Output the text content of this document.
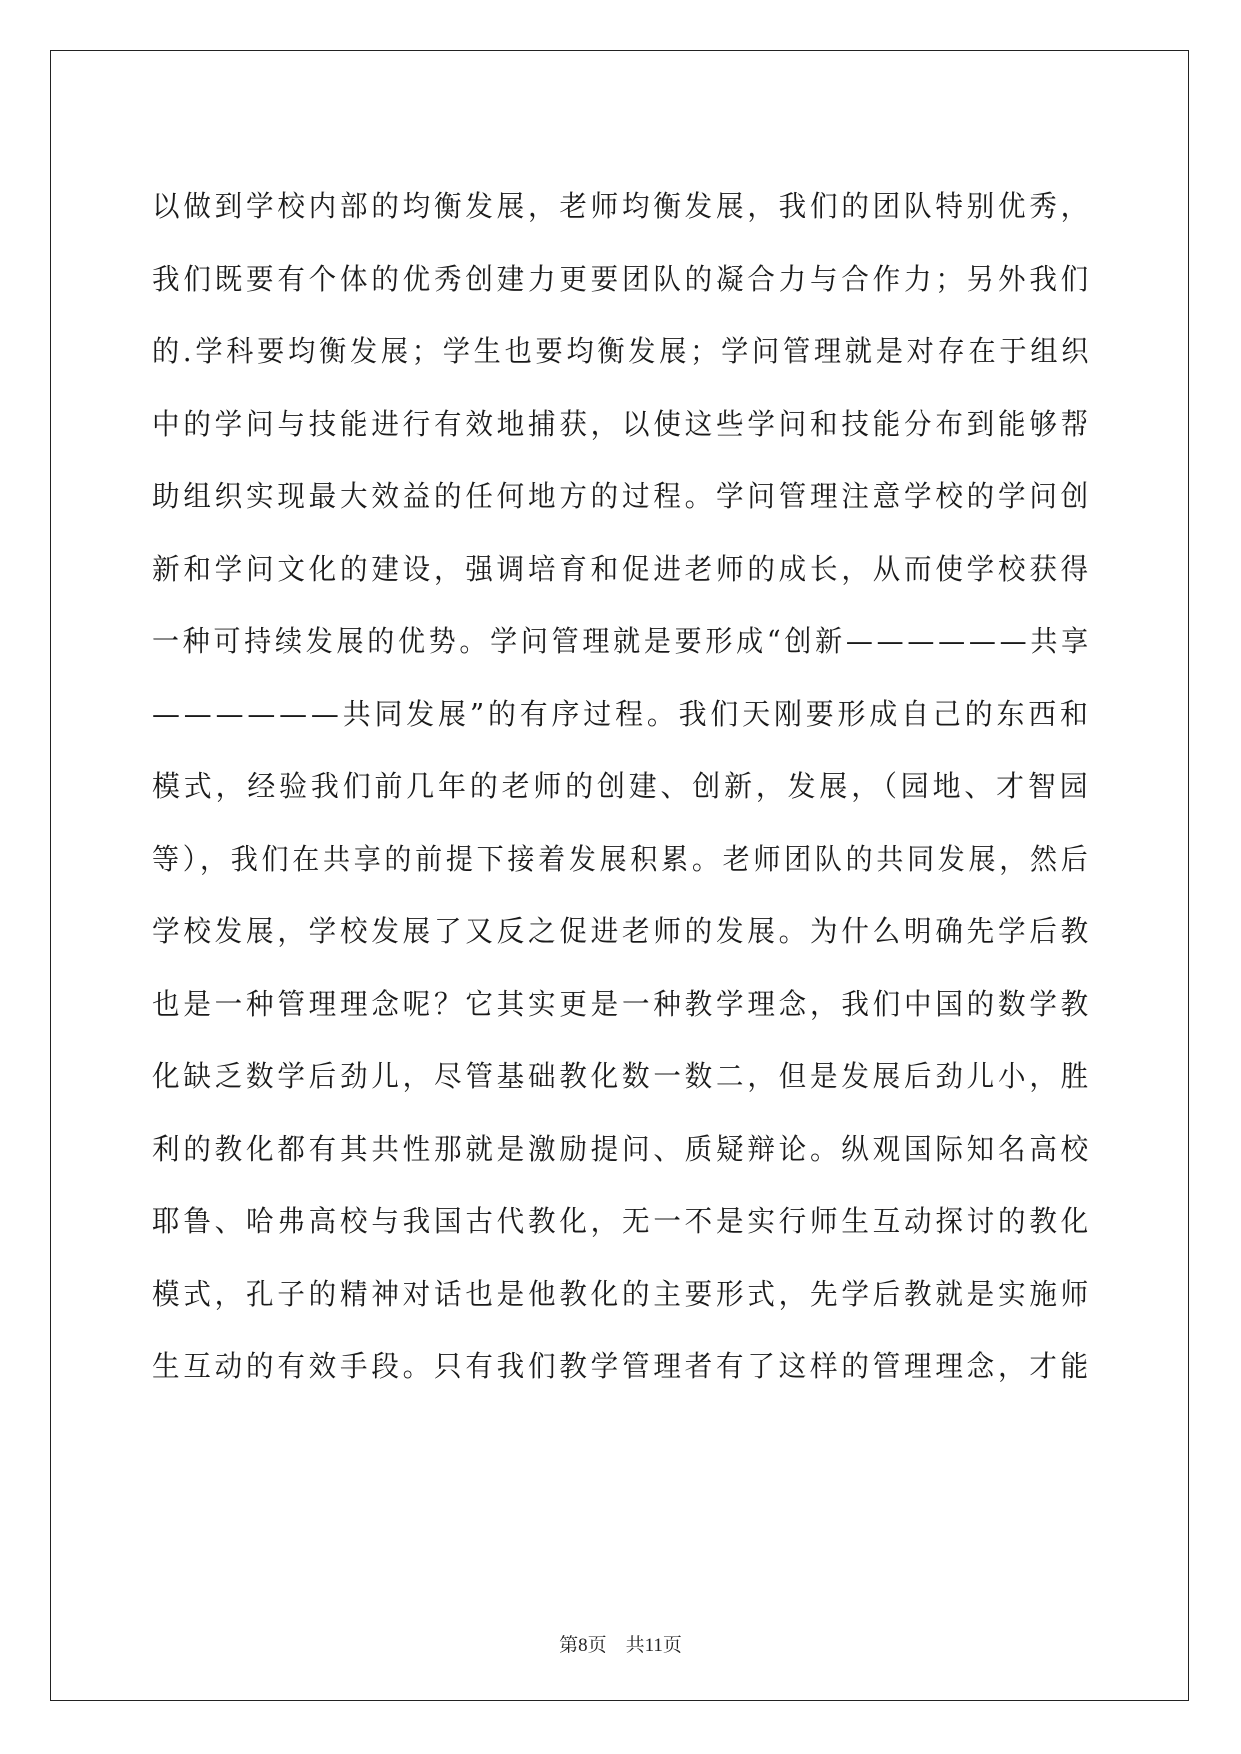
以做到学校内部的均衡发展，老师均衡发展，我们的团队特别优秀，
我们既要有个体的优秀创建力更要团队的凝合力与合作力；另外我们
的.学科要均衡发展；学生也要均衡发展；学问管理就是对存在于组织
中的学问与技能进行有效地捕获，以使这些学问和技能分布到能够帮
助组织实现最大效益的任何地方的过程。学问管理注意学校的学问创
新和学问文化的建设，强调培育和促进老师的成长，从而使学校获得
一种可持续发展的优势。学问管理就是要形成“创新——————共享
——————共同发展”的有序过程。我们天刚要形成自己的东西和
模式，经验我们前几年的老师的创建、创新，发展，（园地、才智园
等），我们在共享的前提下接着发展积累。老师团队的共同发展，然后
学校发展，学校发展了又反之促进老师的发展。为什么明确先学后教
也是一种管理理念呢？它其实更是一种教学理念，我们中国的数学教
化缺乏数学后劲儿，尽管基础教化数一数二，但是发展后劲儿小，胜
利的教化都有其共性那就是激励提问、质疑辩论。纵观国际知名高校
耶鲁、哈弗高校与我国古代教化，无一不是实行师生互动探讨的教化
模式，孔子的精神对话也是他教化的主要形式，先学后教就是实施师
生互动的有效手段。只有我们教学管理者有了这样的管理理念，才能
第8页　共11页
